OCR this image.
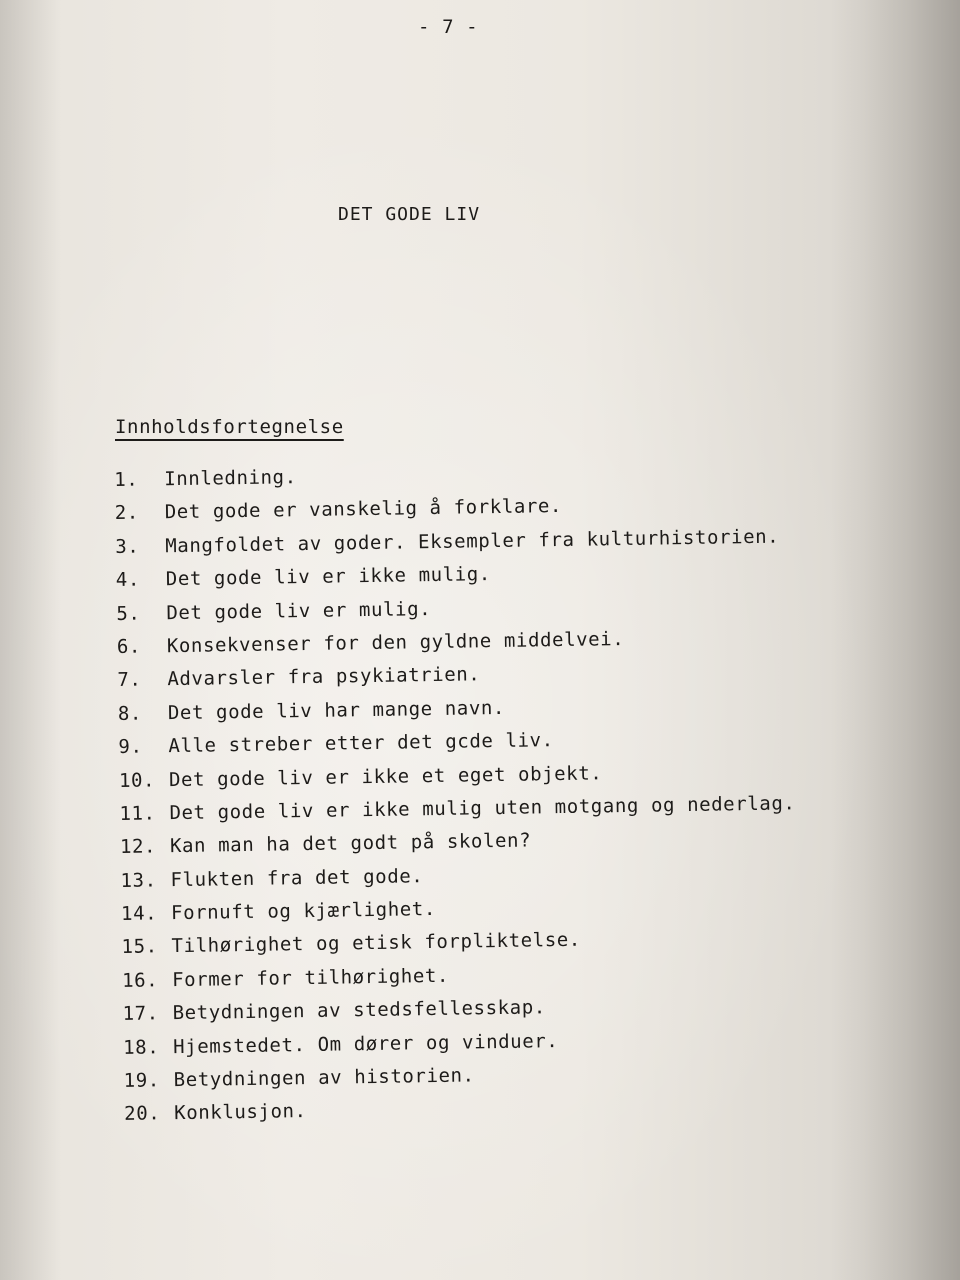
- 7 -
DET GODE LIV
Innholdsfortegnelse
1. Innledning.
2. Det gode er vanskelig å forklare.
3. Mangfoldet av goder. Eksempler fra kulturhistorien.
4. Det gode liv er ikke mulig.
5. Det gode liv er mulig.
6. Konsekvenser for den gyldne middelvei.
7. Advarsler fra psykiatrien.
8. Det gode liv har mange navn.
9. Alle streber etter det gcde liv.
10. Det gode liv er ikke et eget objekt.
11. Det gode liv er ikke mulig uten motgang og nederlag.
12. Kan man ha det godt på skolen?
13. Flukten fra det gode.
14. Fornuft og kjærlighet.
15. Tilhørighet og etisk forpliktelse.
16. Former for tilhørighet.
17. Betydningen av stedsfellesskap.
18. Hjemstedet. Om dører og vinduer.
19. Betydningen av historien.
20. Konklusjon.
